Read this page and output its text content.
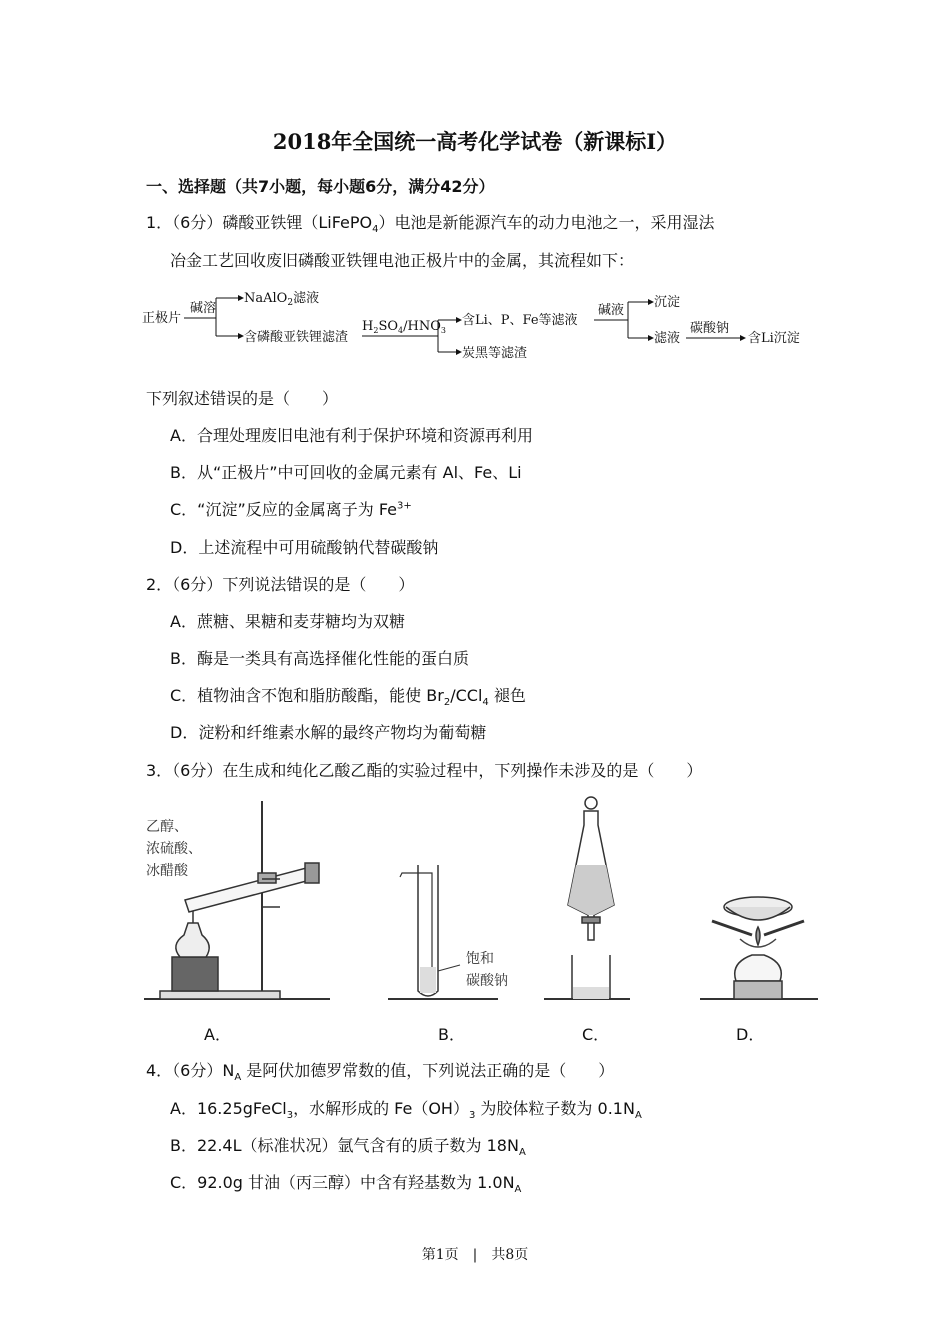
2018年全国统一高考化学试卷（新课标Ⅰ）
一、选择题（共7小题，每小题6分，满分42分）
1．（6分）磷酸亚铁锂（LiFePO$_4$）电池是新能源汽车的动力电池之一，采用湿法
冶金工艺回收废旧磷酸亚铁锂电池正极片中的金属，其流程如下：
正极片
碱溶
NaAlO$_2$滤液
含磷酸亚铁锂滤渣
$H_2SO_4/HNO_3$
含Li、P、Fe等滤液
炭黑等滤渣
碱液
沉淀
滤液
碳酸钠
含Li沉淀
下列叙述错误的是（　　）
A．合理处理废旧电池有利于保护环境和资源再利用
B．从“正极片”中可回收的金属元素有 Al、Fe、Li
C．“沉淀”反应的金属离子为 $Fe^{3+}$
D．上述流程中可用硫酸钠代替碳酸钠
2．（6分）下列说法错误的是（　　）
A．蔗糖、果糖和麦芽糖均为双糖
B．酶是一类具有高选择催化性能的蛋白质
C．植物油含不饱和脂肪酸酯，能使 $Br_2/CCl_4$ 褪色
D．淀粉和纤维素水解的最终产物均为葡萄糖
3．（6分）在生成和纯化乙酸乙酯的实验过程中，下列操作未涉及的是（　　）
乙醇、
浓硫酸、
冰醋酸
饱和
碳酸钠
A．	B．	C．	D．
4．（6分）$N_A$ 是阿伏加德罗常数的值，下列说法正确的是（　　）
A．16.25gFeCl$_3$，水解形成的 $Fe(OH)_3$ 为胶体粒子数为 $0.1N_A$
B．22.4L（标准状况）氩气含有的质子数为 $18N_A$
C．92.0g 甘油（丙三醇）中含有羟基数为 $1.0N_A$
第1页　|　共8页
